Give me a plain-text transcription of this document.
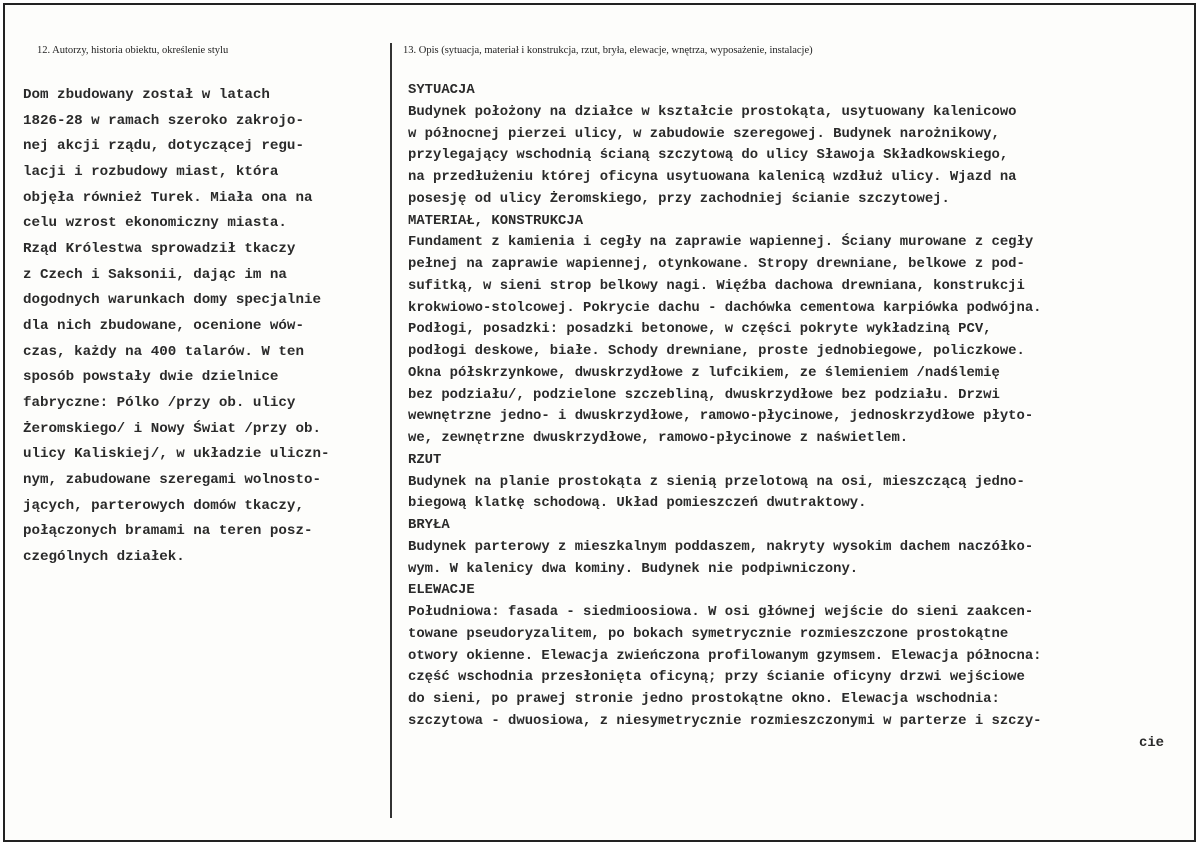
12. Autorzy, historia obiektu, określenie stylu	13. Opis (sytuacja, materiał i konstrukcja, rzut, bryła, elewacje, wnętrza, wyposażenie, instalacje)
Dom zbudowany został w latach
1826-28 w ramach szeroko zakrojo-
nej akcji rządu, dotyczącej regu-
lacji i rozbudowy miast, która
objęła również Turek. Miała ona na
celu wzrost ekonomiczny miasta.
Rząd Królestwa sprowadził tkaczy
z Czech i Saksonii, dając im na
dogodnych warunkach domy specjalnie
dla nich zbudowane, ocenione wów-
czas, każdy na 400 talarów. W ten
sposób powstały dwie dzielnice
fabryczne: Pólko /przy ob. ulicy
Żeromskiego/ i Nowy Świat /przy ob.
ulicy Kaliskiej/, w układzie uliczn-
nym, zabudowane szeregami wolnosto-
jących, parterowych domów tkaczy,
połączonych bramami na teren posz-
czególnych działek.
SYTUACJA
Budynek położony na działce w kształcie prostokąta, usytuowany kalenicowo
w północnej pierzei ulicy, w zabudowie szeregowej. Budynek narożnikowy,
przylegający wschodnią ścianą szczytową do ulicy Sławoja Składkowskiego,
na przedłużeniu której oficyna usytuowana kalenicą wzdłuż ulicy. Wjazd na
posesję od ulicy Żeromskiego, przy zachodniej ścianie szczytowej.
MATERIAŁ, KONSTRUKCJA
Fundament z kamienia i cegły na zaprawie wapiennej. Ściany murowane z cegły
pełnej na zaprawie wapiennej, otynkowane. Stropy drewniane, belkowe z pod-
sufitką, w sieni strop belkowy nagi. Więźba dachowa drewniana, konstrukcji
krokwiowo-stolcowej. Pokrycie dachu - dachówka cementowa karpiówka podwójna.
Podłogi, posadzki: posadzki betonowe, w części pokryte wykładziną PCV,
podłogi deskowe, białe. Schody drewniane, proste jednobiegowe, policzkowe.
Okna półskrzynkowe, dwuskrzydłowe z lufcikiem, ze ślemieniem /nadślemię
bez podziału/, podzielone szczebliną, dwuskrzydłowe bez podziału. Drzwi
wewnętrzne jedno- i dwuskrzydłowe, ramowo-płycinowe, jednoskrzydłowe płyto-
we, zewnętrzne dwuskrzydłowe, ramowo-płycinowe z naświetlem.
RZUT
Budynek na planie prostokąta z sienią przelotową na osi, mieszczącą jedno-
biegową klatkę schodową. Układ pomieszczeń dwutraktowy.
BRYŁA
Budynek parterowy z mieszkalnym poddaszem, nakryty wysokim dachem naczółko-
wym. W kalenicy dwa kominy. Budynek nie podpiwniczony.
ELEWACJE
Południowa: fasada - siedmioosiowa. W osi głównej wejście do sieni zaakcen-
towane pseudoryzalitem, po bokach symetrycznie rozmieszczone prostokątne
otwory okienne. Elewacja zwieńczona profilowanym gzymsem. Elewacja północna:
część wschodnia przesłonięta oficyną; przy ścianie oficyny drzwi wejściowe
do sieni, po prawej stronie jedno prostokątne okno. Elewacja wschodnia:
szczytowa - dwuosiowa, z niesymetrycznie rozmieszczonymi w parterze i szczy-
cie
